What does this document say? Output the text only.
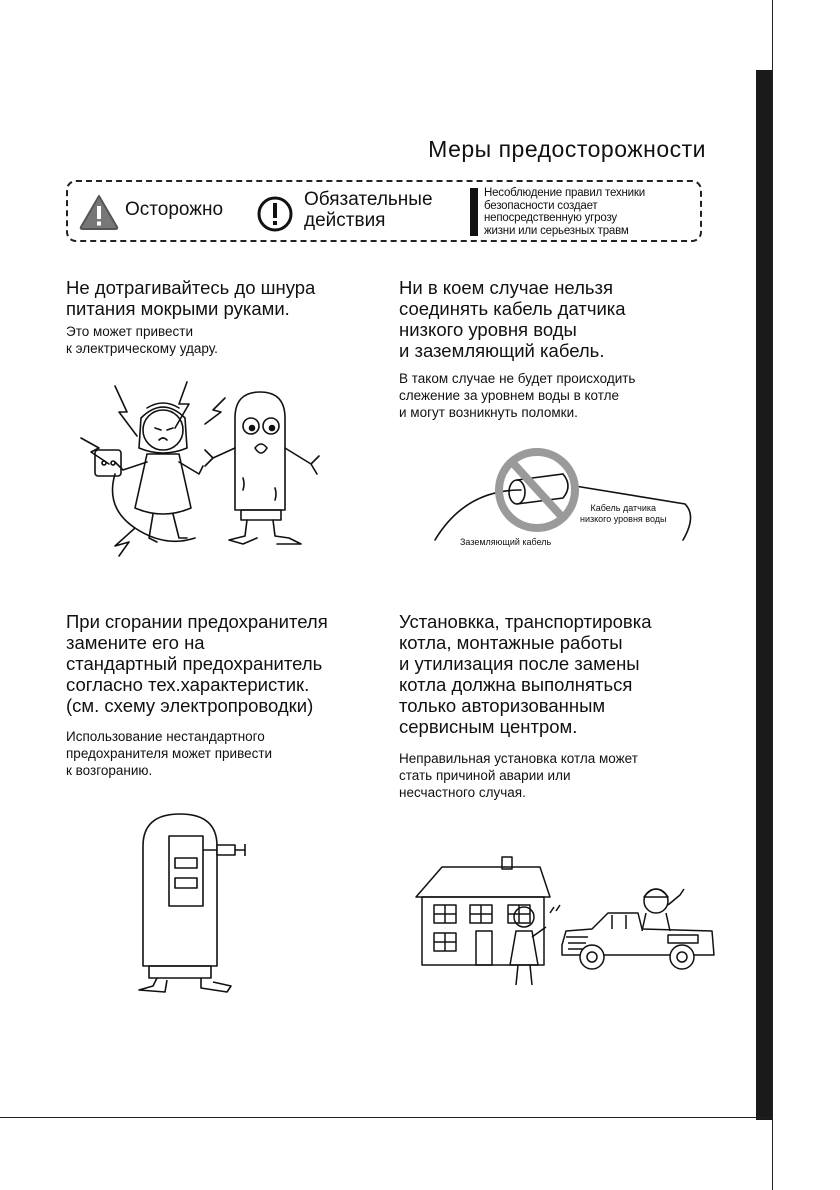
Меры предосторожности
Осторожно	Обязательные
действия
Несоблюдение правил техники
безопасности создает
непосредственную угрозу
жизни или серьезных травм
Не дотрагивайтесь до шнура
питания мокрыми руками.
Это может привести
к электрическому удару.
Ни в коем случае нельзя
соединять кабель датчика
низкого уровня воды
и заземляющий кабель.
В таком случае не будет происходить
слежение за уровнем воды в котле
и могут возникнуть поломки.
Кабель датчика
низкого уровня воды
Заземляющий кабель
При сгорании предохранителя
замените его на
стандартный предохранитель
согласно тех.характеристик.
(см. схему электропроводки)
Использование нестандартного
предохранителя может привести
к возгоранию.
Установкка, транспортировка
котла, монтажные работы
и утилизация после замены
котла должна выполняться
только авторизованным
сервисным центром.
Неправильная установка котла может
стать причиной аварии или
несчастного случая.
